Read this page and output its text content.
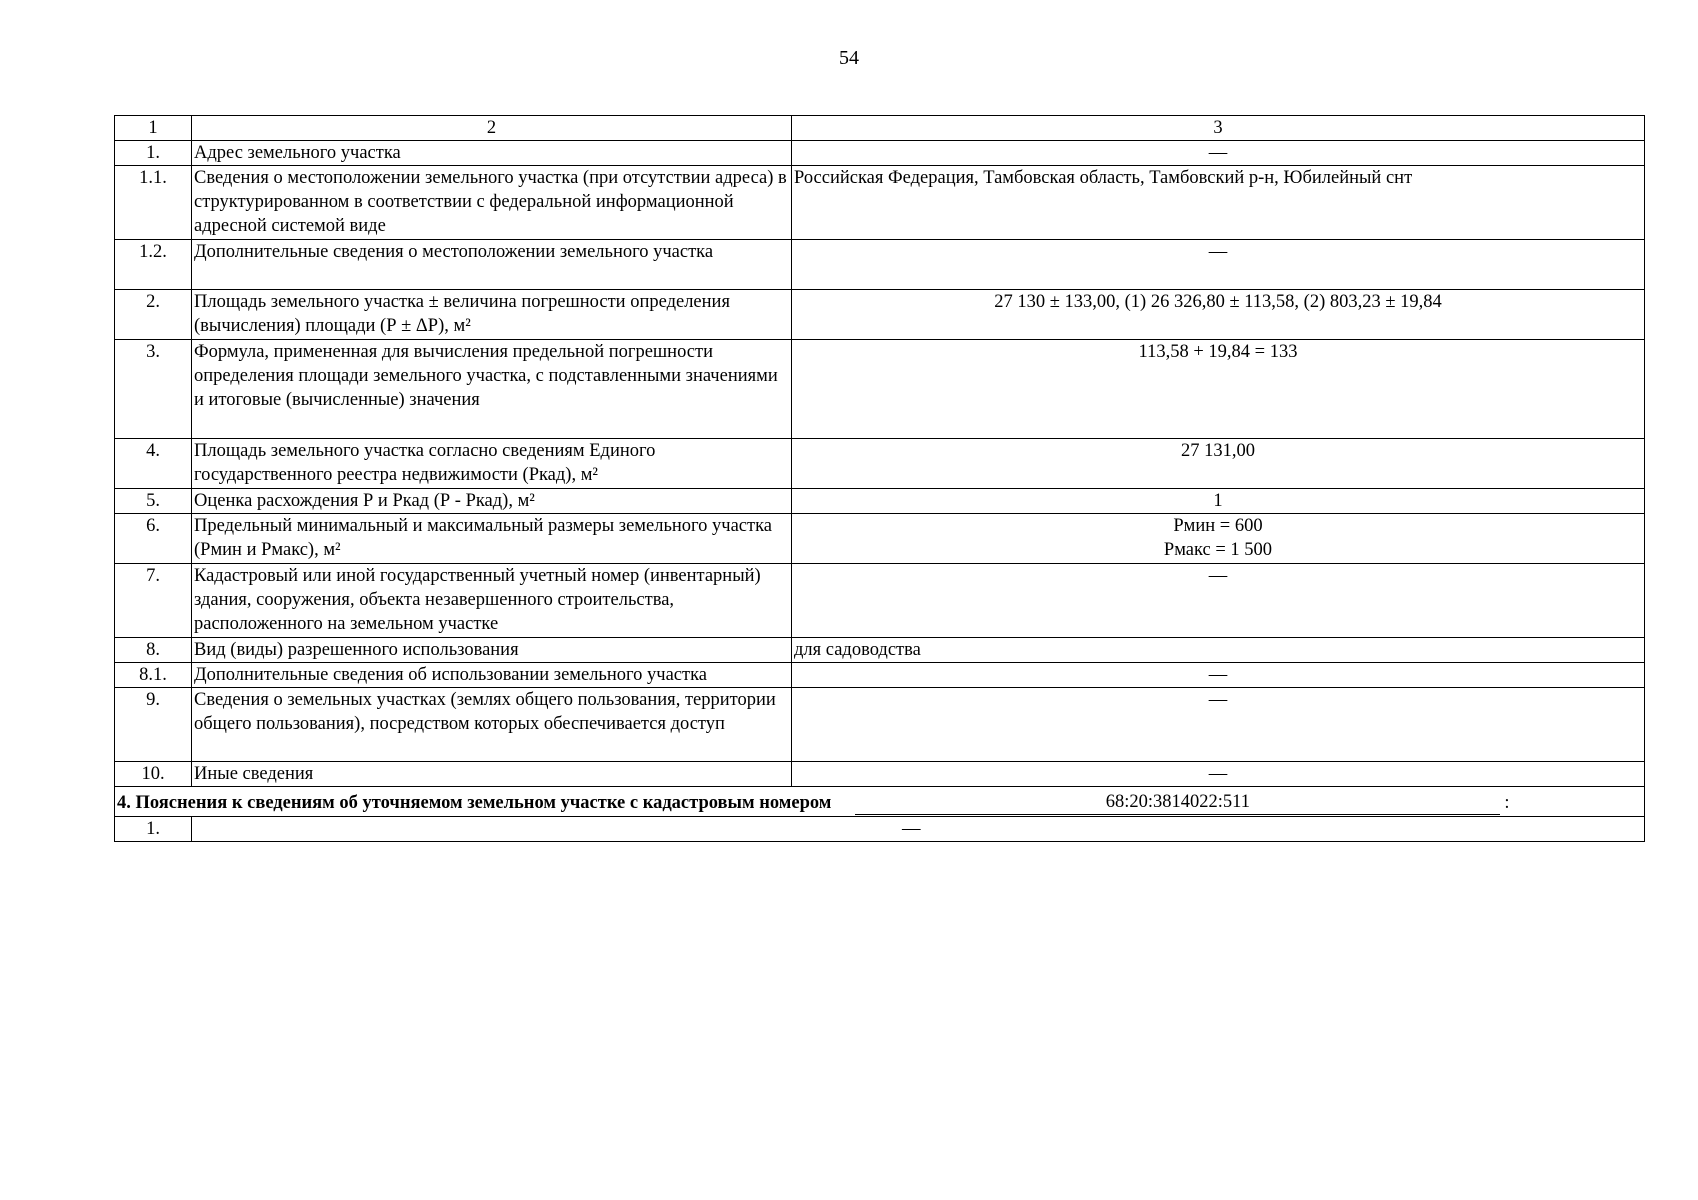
54
1	2	3
1.	Адрес земельного участка	—
1.1.	Сведения о местоположении земельного участка (при отсутствии адреса) в структурированном в соответствии с федеральной информационной адресной системой виде	Российская Федерация, Тамбовская область, Тамбовский р-н, Юбилейный снт
1.2.	Дополнительные сведения о местоположении земельного участка	—
2.	Площадь земельного участка ± величина погрешности определения (вычисления) площади (Р ± ΔР), м²	27 130 ± 133,00, (1) 26 326,80 ± 113,58, (2) 803,23 ± 19,84
3.	Формула, примененная для вычисления предельной погрешности определения площади земельного участка, с подставленными значениями и итоговые (вычисленные) значения	113,58 + 19,84 = 133
4.	Площадь земельного участка согласно сведениям Единого государственного реестра недвижимости (Ркад), м²	27 131,00
5.	Оценка расхождения Р и Ркад (Р - Ркад), м²	1
6.	Предельный минимальный и максимальный размеры земельного участка (Рмин и Рмакс), м²	Рмин = 600
Рмакс = 1 500

7.	Кадастровый или иной государственный учетный номер (инвентарный) здания, сооружения, объекта незавершенного строительства, расположенного на земельном участке	—
8.	Вид (виды) разрешенного использования	для садоводства
8.1.	Дополнительные сведения об использовании земельного участка	—
9.	Сведения о земельных участках (землях общего пользования, территории общего пользования), посредством которых обеспечивается доступ	—
10.	Иные сведения	—

4. Пояснения к сведениям об уточняемом земельном участке с кадастровым номером 68:20:3814022:511 :		

1.	—	
